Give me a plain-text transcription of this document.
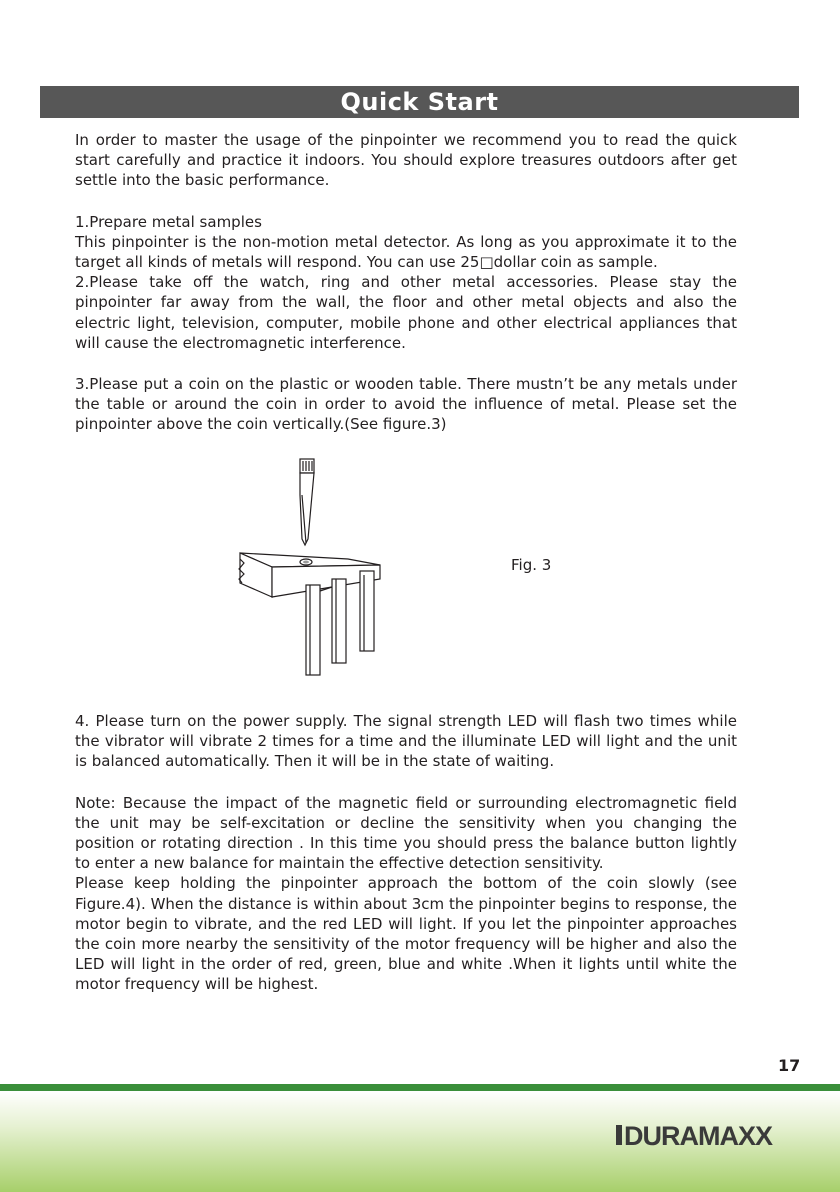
Quick Start

In order to master the usage of the pinpointer we recommend you to read the quick start carefully and practice it indoors. You should explore treasures outdoors after get settle into the basic performance.

1.Prepare metal samples

This pinpointer is the non-motion metal detector. As long as you approximate it to the target all kinds of metals will respond. You can use 25□dollar coin as sample.

2.Please take off the watch, ring and other metal accessories. Please stay the pinpointer far away from the wall, the floor and other metal objects and also the electric light, television, computer, mobile phone and other electrical appliances that will cause the electromagnetic interference.

3.Please put a coin on the plastic or wooden table. There mustn’t be any metals under the table or around the coin in order to avoid the influence of metal. Please set the pinpointer above the coin vertically.(See figure.3)

Fig. 3

4. Please turn on the power supply. The signal strength LED will flash two times while the vibrator will vibrate 2 times for a time and the illuminate LED will light and the unit is balanced automatically. Then it will be in the state of waiting.

Note: Because the impact of the magnetic field or surrounding electromagnetic field the unit may be self-excitation or decline the sensitivity when you changing the position or rotating direction . In this time you should press the balance button lightly to enter a new balance for maintain the effective detection sensitivity.

Please keep holding the pinpointer approach the bottom of the coin slowly (see Figure.4). When the distance is within about 3cm the pinpointer begins to response, the motor begin to vibrate, and the red LED will light. If you let the pinpointer approaches the coin more nearby the sensitivity of the motor frequency will be higher and also the LED will light in the order of red, green, blue and white .When it lights until white the motor frequency will be highest.

17
DURAMAXX
